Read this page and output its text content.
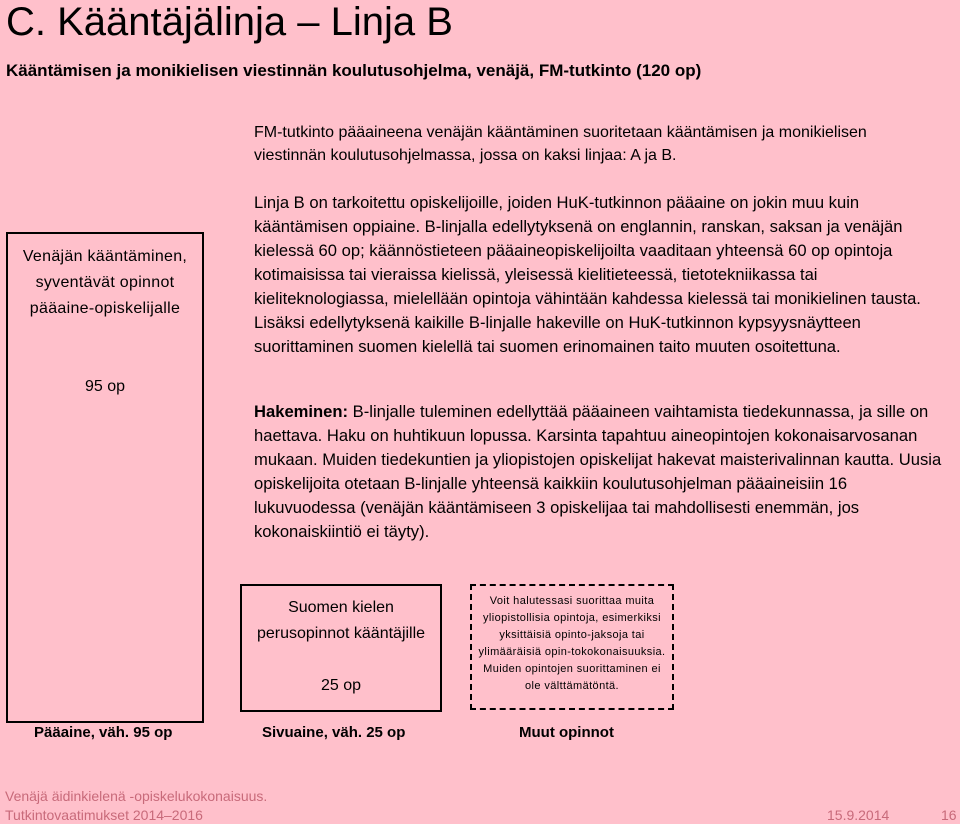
C. Kääntäjälinja – Linja B
Kääntämisen ja monikielisen viestinnän koulutusohjelma, venäjä, FM-tutkinto (120 op)
FM-tutkinto pääaineena venäjän kääntäminen suoritetaan kääntämisen ja monikielisen viestinnän koulutusohjelmassa, jossa on kaksi linjaa: A ja B.
Linja B on tarkoitettu opiskelijoille, joiden HuK-tutkinnon pääaine on jokin muu kuin kääntämisen oppiaine. B-linjalla edellytyksenä on englannin, ranskan, saksan ja venäjän kielessä 60 op; käännöstieteen pääaineopiskelijoilta vaaditaan yhteensä 60 op opintoja kotimaisissa tai vieraissa kielissä, yleisessä kielitieteessä, tietotekniikassa tai kieliteknologiassa, mielellään opintoja vähintään kahdessa kielessä tai monikielinen tausta. Lisäksi edellytyksenä kaikille B-linjalle hakeville on HuK-tutkinnon kypsyysnäytteen suorittaminen suomen kielellä tai suomen erinomainen taito muuten osoitettuna.
Hakeminen: B-linjalle tuleminen edellyttää pääaineen vaihtamista tiedekunnassa, ja sille on haettava. Haku on huhtikuun lopussa. Karsinta tapahtuu aineopintojen kokonaisarvosanan mukaan. Muiden tiedekuntien ja yliopistojen opiskelijat hakevat maisterivalinnan kautta. Uusia opiskelijoita otetaan B-linjalle yhteensä kaikkiin koulutusohjelman pääaineisiin 16 lukuvuodessa (venäjän kääntämiseen 3 opiskelijaa tai mahdollisesti enemmän, jos kokonaiskiintiö ei täyty).
Venäjän kääntäminen, syventävät opinnot pääaine-opiskelijalle
95 op
Suomen kielen perusopinnot kääntäjille
25 op
Voit halutessasi suorittaa muita yliopistollisia opintoja, esimerkiksi yksittäisiä opinto-jaksoja tai ylimääräisiä opin-tokokonaisuuksia. Muiden opintojen suorittaminen ei ole välttämätöntä.
Pääaine, väh. 95 op	Sivuaine, väh. 25 op	Muut opinnot
Venäjä äidinkielenä -opiskelukokonaisuus.
Tutkintovaatimukset 2014–2016	15.9.2014	16
